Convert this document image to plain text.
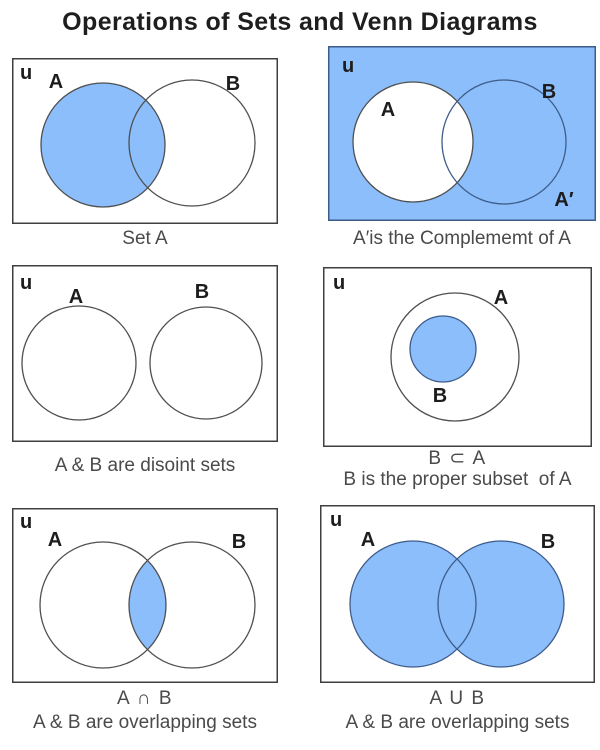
Operations of Sets and Venn Diagrams
u A	B
Set A
u
A
B
A′
A′is the Complememt of A
u
A	B
A & B are disoint sets
u
A
B
B ⊂ A
B is the proper subset  of A
u
A	B
A ∩ B
A & B are overlapping sets
u
A	B
A U B
A & B are overlapping sets
